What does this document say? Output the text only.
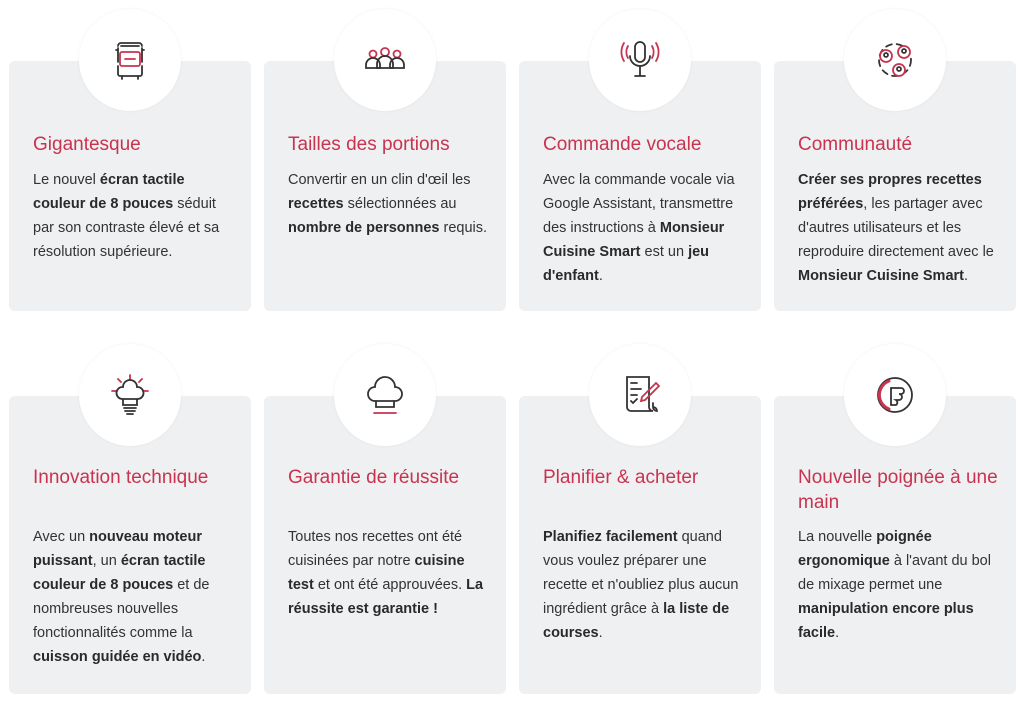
Gigantesque
Le nouvel écran tactile couleur de 8 pouces séduit par son contraste élevé et sa résolution supérieure.
Tailles des portions
Convertir en un clin d'œil les recettes sélectionnées au nombre de personnes requis.
Commande vocale
Avec la commande vocale via Google Assistant, transmettre des instructions à Monsieur Cuisine Smart est un jeu d'enfant.
Communauté
Créer ses propres recettes préférées, les partager avec d'autres utilisateurs et les reproduire directement avec le Monsieur Cuisine Smart.
Innovation technique
Avec un nouveau moteur puissant, un écran tactile couleur de 8 pouces et de nombreuses nouvelles fonctionnalités comme la cuisson guidée en vidéo.
Garantie de réussite
Toutes nos recettes ont été cuisinées par notre cuisine test et ont été approuvées. La réussite est garantie !
Planifier & acheter
Planifiez facilement quand vous voulez préparer une recette et n'oubliez plus aucun ingrédient grâce à la liste de courses.
Nouvelle poignée à une main
La nouvelle poignée ergonomique à l'avant du bol de mixage permet une manipulation encore plus facile.
